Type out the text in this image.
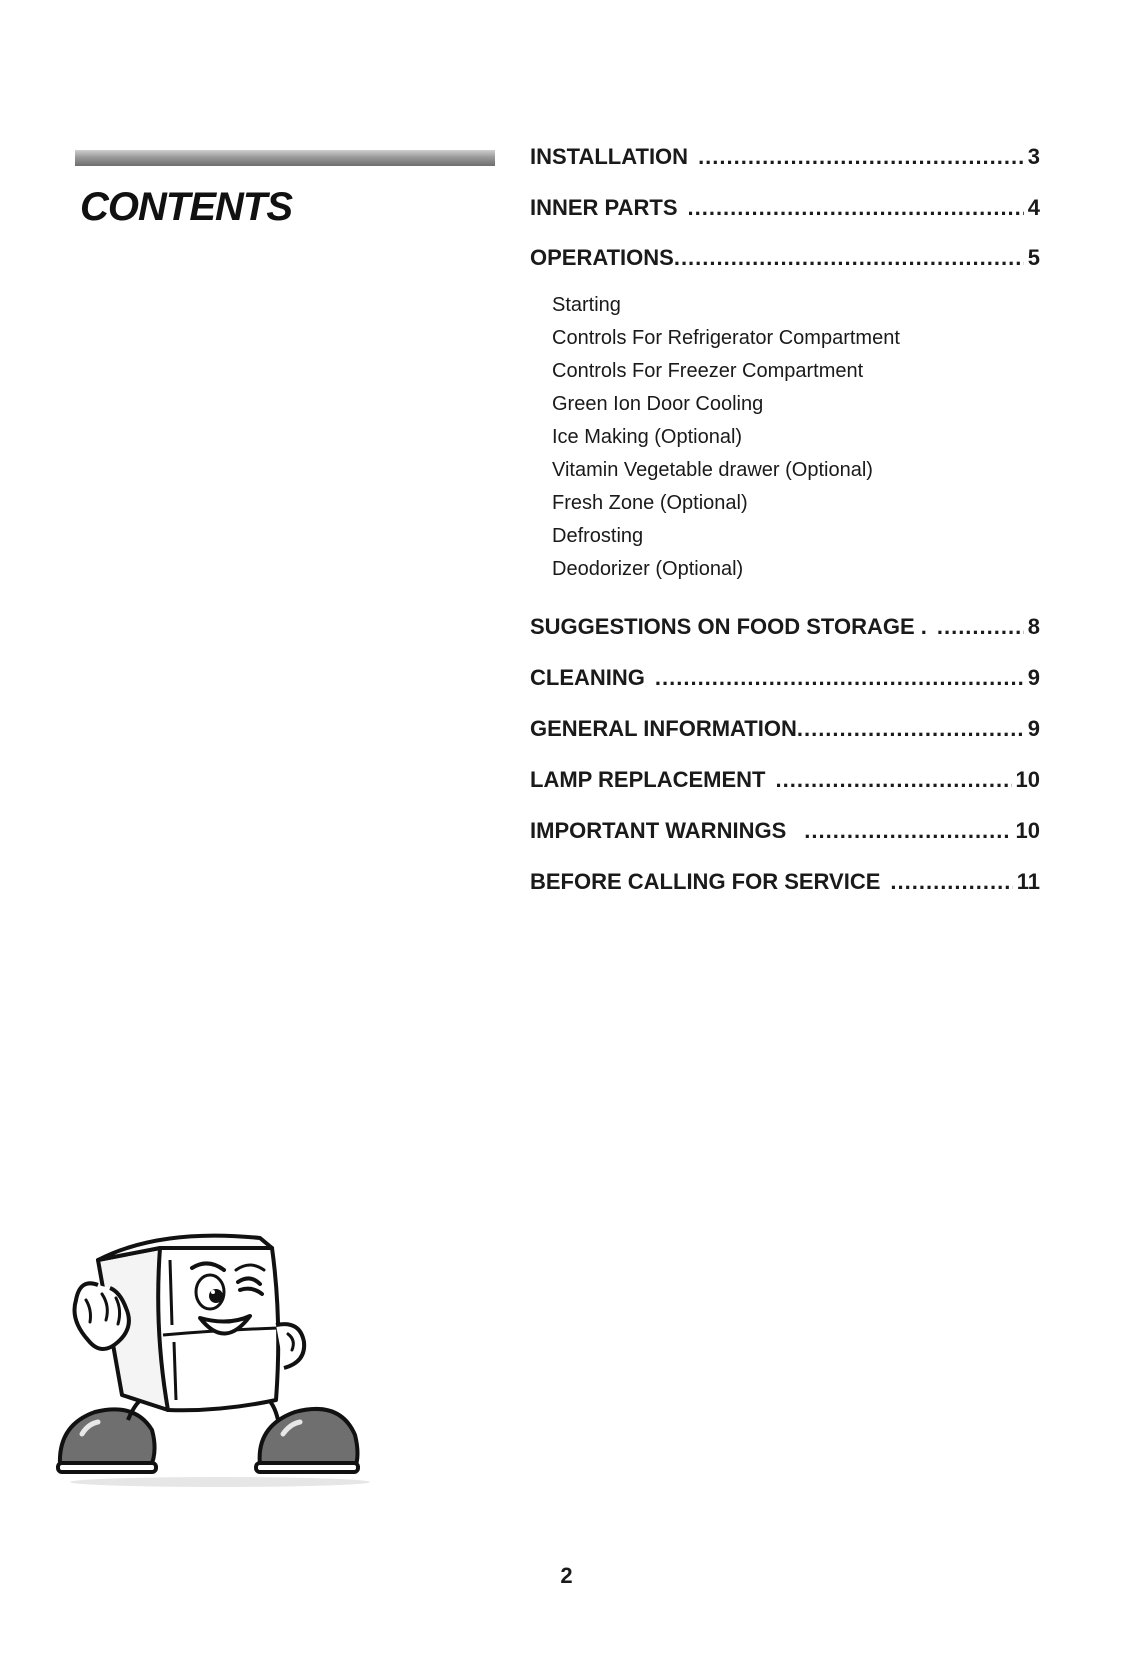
CONTENTS
INSTALLATION .....	3
INNER PARTS .....	4
OPERATIONS .....	5
SUGGESTIONS ON FOOD STORAGE . .....	8
CLEANING .....	9
GENERAL INFORMATION .....	9
LAMP REPLACEMENT .....	10
IMPORTANT WARNINGS .....	10
BEFORE CALLING FOR SERVICE .....	11
Starting
Controls For Refrigerator Compartment
Controls For Freezer Compartment
Green Ion Door Cooling
Ice Making (Optional)
Vitamin Vegetable drawer (Optional)
Fresh Zone (Optional)
Defrosting
Deodorizer (Optional)
2
